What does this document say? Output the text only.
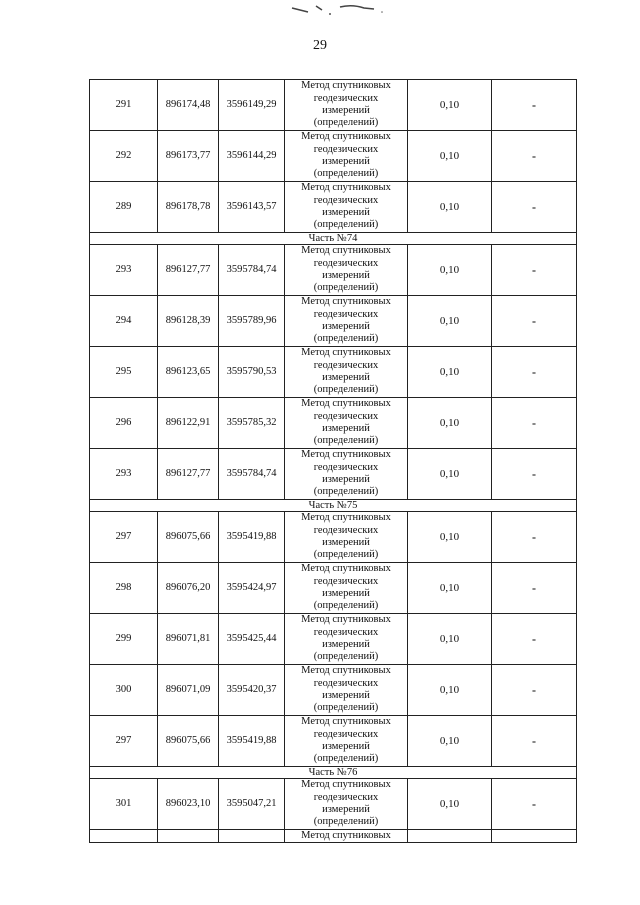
29
291	896174,48	3596149,29	Метод спутниковых
геодезических
измерений
(определений)	0,10	-
292	896173,77	3596144,29	Метод спутниковых
геодезических
измерений
(определений)	0,10	-
289	896178,78	3596143,57	Метод спутниковых
геодезических
измерений
(определений)	0,10	-
Часть №74					
293	896127,77	3595784,74	Метод спутниковых
геодезических
измерений
(определений)	0,10	-
294	896128,39	3595789,96	Метод спутниковых
геодезических
измерений
(определений)	0,10	-
295	896123,65	3595790,53	Метод спутниковых
геодезических
измерений
(определений)	0,10	-
296	896122,91	3595785,32	Метод спутниковых
геодезических
измерений
(определений)	0,10	-
293	896127,77	3595784,74	Метод спутниковых
геодезических
измерений
(определений)	0,10	-
Часть №75					
297	896075,66	3595419,88	Метод спутниковых
геодезических
измерений
(определений)	0,10	-
298	896076,20	3595424,97	Метод спутниковых
геодезических
измерений
(определений)	0,10	-
299	896071,81	3595425,44	Метод спутниковых
геодезических
измерений
(определений)	0,10	-
300	896071,09	3595420,37	Метод спутниковых
геодезических
измерений
(определений)	0,10	-
297	896075,66	3595419,88	Метод спутниковых
геодезических
измерений
(определений)	0,10	-
Часть №76					
301	896023,10	3595047,21	Метод спутниковых
геодезических
измерений
(определений)	0,10	-
			Метод спутниковых		
